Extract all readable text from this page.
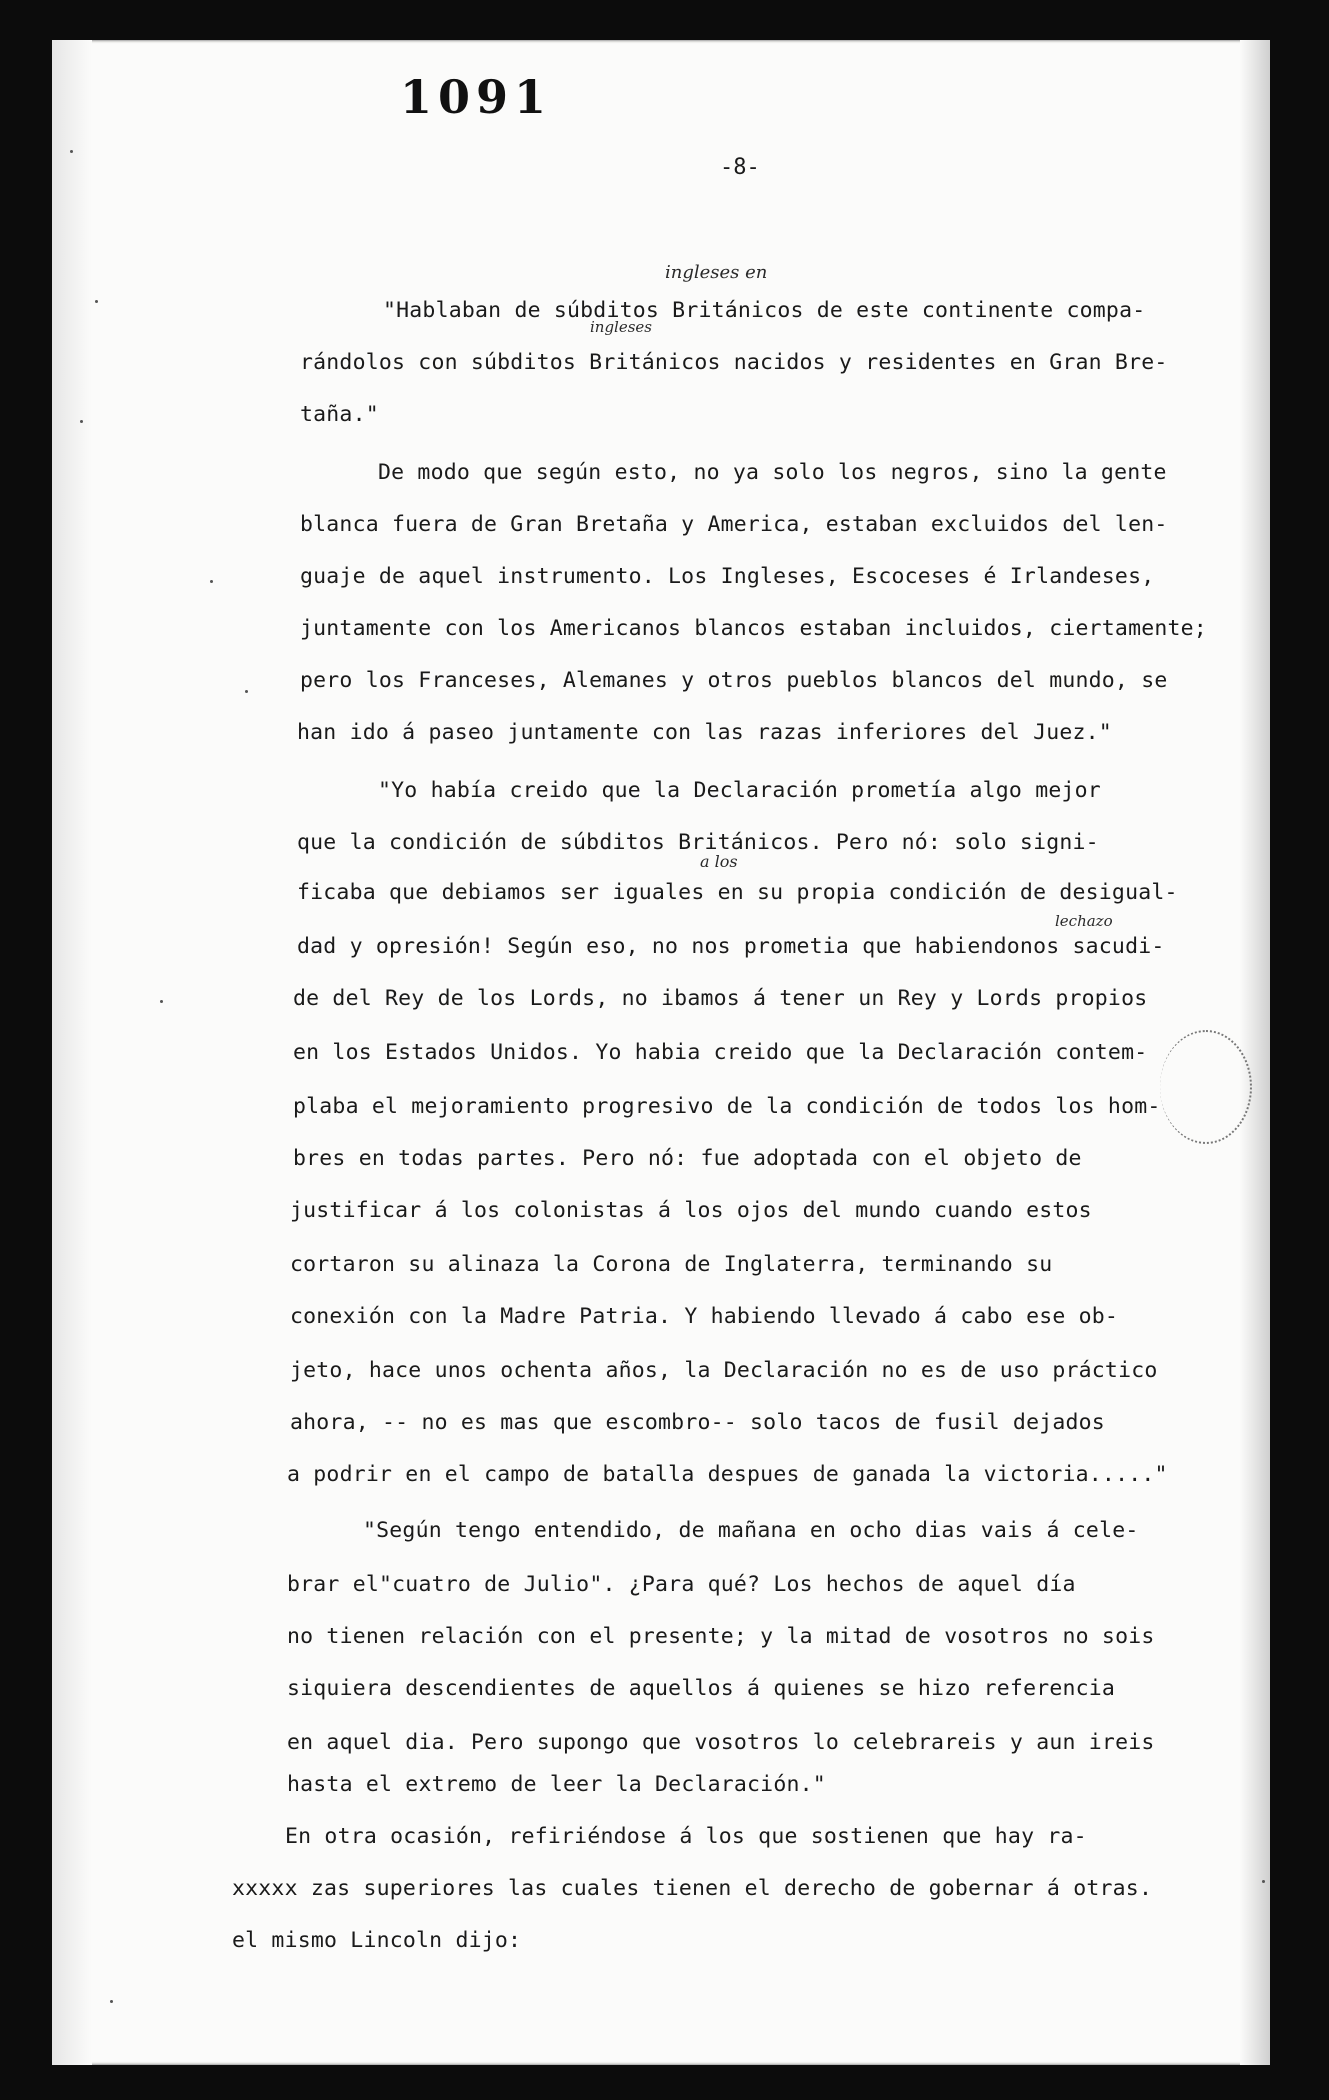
1091
-8-
ingleses en
ingleses
a los
lechazo
"Hablaban de súbditos Británicos de este continente compa-
rándolos con súbditos Británicos nacidos y residentes en Gran Bre-
taña."
De modo que según esto, no ya solo los negros, sino la gente
blanca fuera de Gran Bretaña y America, estaban excluidos del len-
guaje de aquel instrumento. Los Ingleses, Escoceses é Irlandeses,
juntamente con los Americanos blancos estaban incluidos, ciertamente;
pero los Franceses, Alemanes y otros pueblos blancos del mundo, se
han ido á paseo juntamente con las razas inferiores del Juez."
"Yo había creido que la Declaración prometía algo mejor
que la condición de súbditos Británicos. Pero nó: solo signi-
ficaba que debiamos ser iguales en su propia condición de desigual-
dad y opresión! Según eso, no nos prometia que habiendonos sacudi-
de del Rey de los Lords, no ibamos á tener un Rey y Lords propios
en los Estados Unidos. Yo habia creido que la Declaración contem-
plaba el mejoramiento progresivo de la condición de todos los hom-
bres en todas partes. Pero nó: fue adoptada con el objeto de
justificar á los colonistas á los ojos del mundo cuando estos
cortaron su alinaza la Corona de Inglaterra, terminando su
conexión con la Madre Patria. Y habiendo llevado á cabo ese ob-
jeto, hace unos ochenta años, la Declaración no es de uso práctico
ahora, -- no es mas que escombro-- solo tacos de fusil dejados
a podrir en el campo de batalla despues de ganada la victoria....."
"Según tengo entendido, de mañana en ocho dias vais á cele-
brar el"cuatro de Julio". ¿Para qué? Los hechos de aquel día
no tienen relación con el presente; y la mitad de vosotros no sois
siquiera descendientes de aquellos á quienes se hizo referencia
en aquel dia. Pero supongo que vosotros lo celebrareis y aun ireis
hasta el extremo de leer la Declaración."
En otra ocasión, refiriéndose á los que sostienen que hay ra-
xxxxx zas superiores las cuales tienen el derecho de gobernar á otras.
el mismo Lincoln dijo:
